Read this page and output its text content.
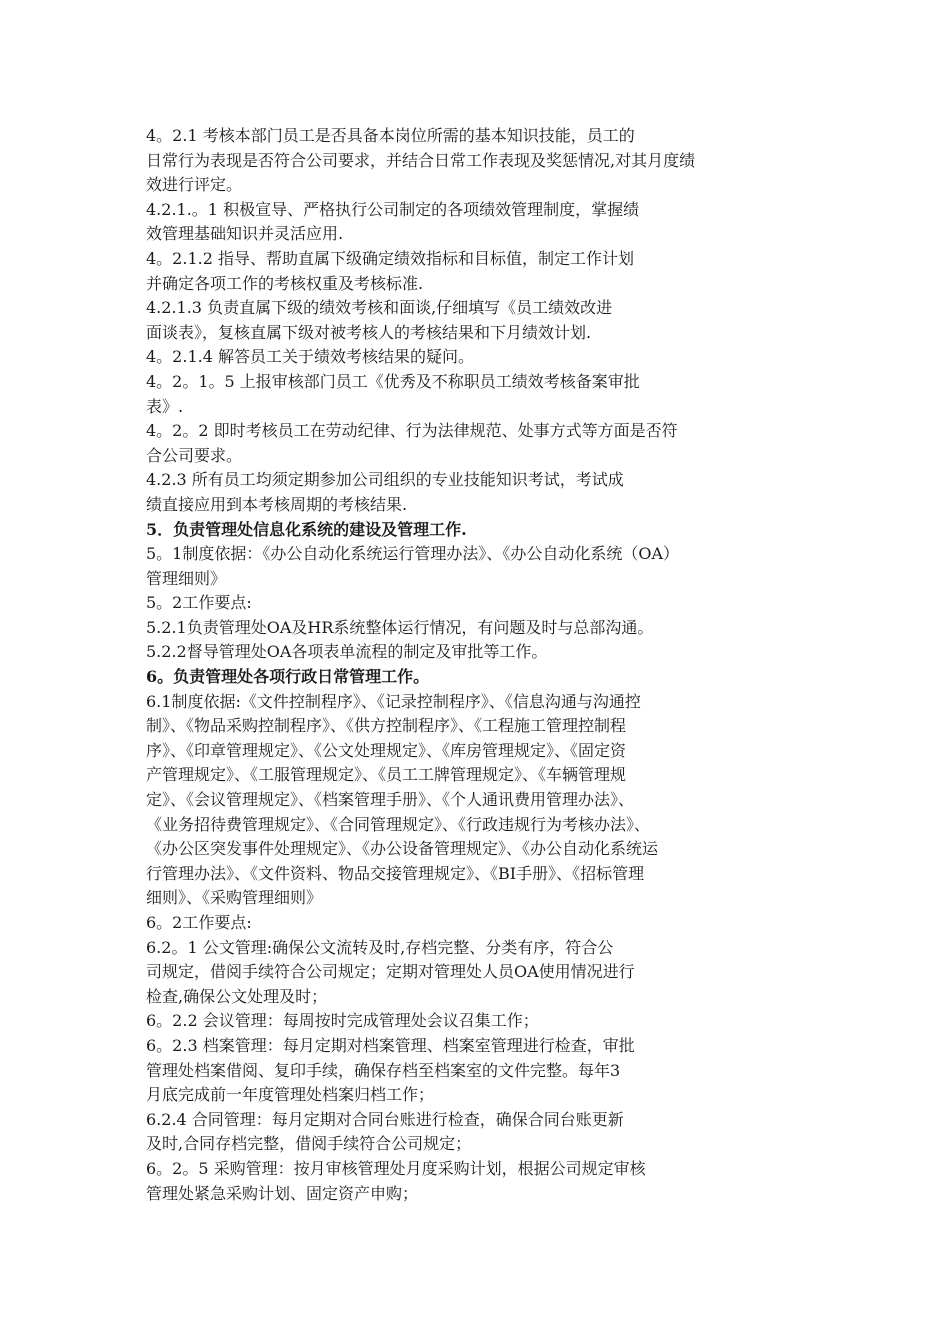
4。2.1 考核本部门员工是否具备本岗位所需的基本知识技能，员工的
日常行为表现是否符合公司要求，并结合日常工作表现及奖惩情况,对其月度绩
效进行评定。
4.2.1.。1 积极宣导、严格执行公司制定的各项绩效管理制度，掌握绩
效管理基础知识并灵活应用.
4。2.1.2 指导、帮助直属下级确定绩效指标和目标值，制定工作计划
并确定各项工作的考核权重及考核标准.
4.2.1.3 负责直属下级的绩效考核和面谈,仔细填写《员工绩效改进
面谈表》，复核直属下级对被考核人的考核结果和下月绩效计划.
4。2.1.4 解答员工关于绩效考核结果的疑问。
4。2。1。5 上报审核部门员工《优秀及不称职员工绩效考核备案审批
表》.
4。2。2 即时考核员工在劳动纪律、行为法律规范、处事方式等方面是否符
合公司要求。
4.2.3 所有员工均须定期参加公司组织的专业技能知识考试，考试成
绩直接应用到本考核周期的考核结果.
5．负责管理处信息化系统的建设及管理工作.
5。1制度依据：《办公自动化系统运行管理办法》、《办公自动化系统（OA）
管理细则》
5。2工作要点:
5.2.1负责管理处OA及HR系统整体运行情况，有问题及时与总部沟通。
5.2.2督导管理处OA各项表单流程的制定及审批等工作。
6。负责管理处各项行政日常管理工作。
6.1制度依据:《文件控制程序》、《记录控制程序》、《信息沟通与沟通控
制》、《物品采购控制程序》、《供方控制程序》、《工程施工管理控制程
序》、《印章管理规定》、《公文处理规定》、《库房管理规定》、《固定资
产管理规定》、《工服管理规定》、《员工工牌管理规定》、《车辆管理规
定》、《会议管理规定》、《档案管理手册》、《个人通讯费用管理办法》、
《业务招待费管理规定》、《合同管理规定》、《行政违规行为考核办法》、
《办公区突发事件处理规定》、《办公设备管理规定》、《办公自动化系统运
行管理办法》、《文件资料、物品交接管理规定》、《BI手册》、《招标管理
细则》、《采购管理细则》
6。2工作要点:
6.2。1 公文管理:确保公文流转及时,存档完整、分类有序，符合公
司规定，借阅手续符合公司规定；定期对管理处人员OA使用情况进行
检查,确保公文处理及时；
6。2.2 会议管理：每周按时完成管理处会议召集工作；
6。2.3 档案管理：每月定期对档案管理、档案室管理进行检查，审批
管理处档案借阅、复印手续，确保存档至档案室的文件完整。每年3
月底完成前一年度管理处档案归档工作；
6.2.4 合同管理：每月定期对合同台账进行检查，确保合同台账更新
及时,合同存档完整，借阅手续符合公司规定；
6。2。5 采购管理：按月审核管理处月度采购计划，根据公司规定审核
管理处紧急采购计划、固定资产申购；
